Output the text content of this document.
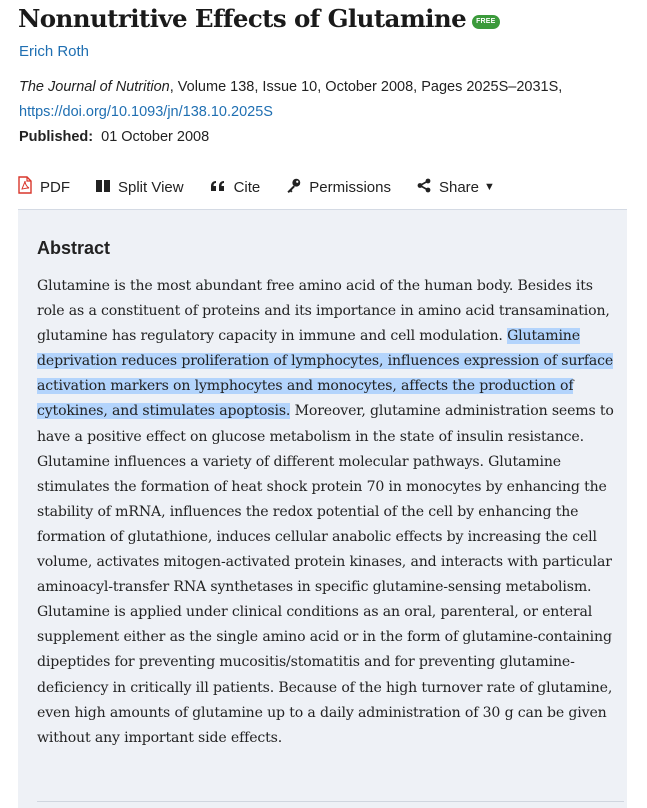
Nonnutritive Effects of Glutamine FREE
Erich Roth
The Journal of Nutrition, Volume 138, Issue 10, October 2008, Pages 2025S–2031S,
https://doi.org/10.1093/jn/138.10.2025S
Published: 01 October 2008
PDF	Split View	Cite	Permissions	Share ▼
Abstract

Glutamine is the most abundant free amino acid of the human body. Besides its role as a constituent of proteins and its importance in amino acid transamination, glutamine has regulatory capacity in immune and cell modulation. Glutamine deprivation reduces proliferation of lymphocytes, influences expression of surface activation markers on lymphocytes and monocytes, affects the production of cytokines, and stimulates apoptosis. Moreover, glutamine administration seems to have a positive effect on glucose metabolism in the state of insulin resistance. Glutamine influences a variety of different molecular pathways. Glutamine stimulates the formation of heat shock protein 70 in monocytes by enhancing the stability of mRNA, influences the redox potential of the cell by enhancing the formation of glutathione, induces cellular anabolic effects by increasing the cell volume, activates mitogen-activated protein kinases, and interacts with particular aminoacyl-transfer RNA synthetases in specific glutamine-sensing metabolism. Glutamine is applied under clinical conditions as an oral, parenteral, or enteral supplement either as the single amino acid or in the form of glutamine-containing dipeptides for preventing mucositis/stomatitis and for preventing glutamine-deficiency in critically ill patients. Because of the high turnover rate of glutamine, even high amounts of glutamine up to a daily administration of 30 g can be given without any important side effects.
